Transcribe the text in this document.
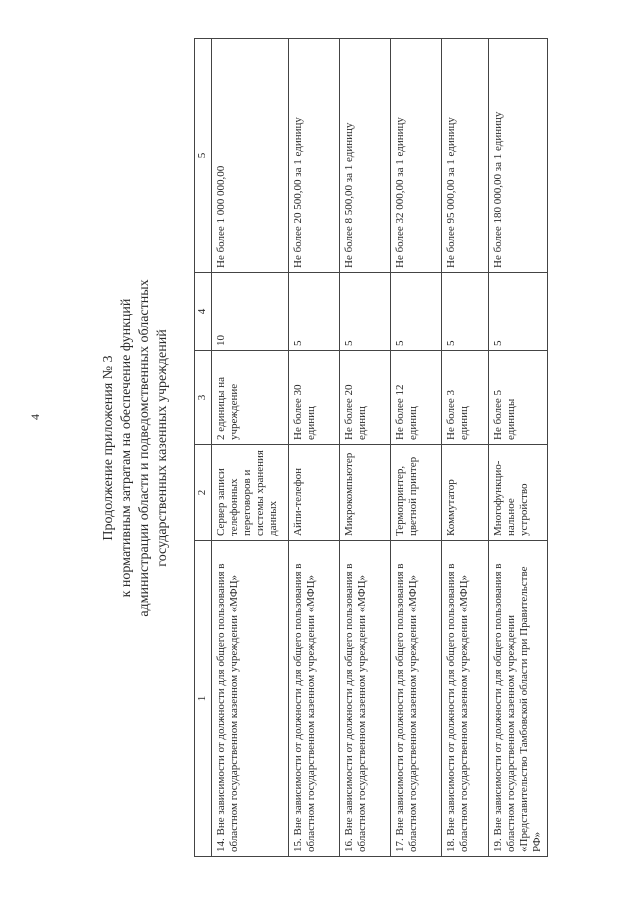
4	Продолжение приложения № 3 к нормативным затратам на обеспечение функций администрации области и подведомственных областных государственных казенных учреждений
1	2	3	4	5
14. Вне зависимости от должности для общего пользования в областном государственном казенном учреждении «МФЦ»	Сервер записи телефонных переговоров и системы хранения данных	2 единицы на учреждение	10	Не более 1 000 000,00
15. Вне зависимости от должности для общего пользования в областном государственном казенном учреждении «МФЦ»	Айпи-телефон	Не более 30 единиц	5	Не более 20 500,00 за 1 единицу
16. Вне зависимости от должности для общего пользования в областном государственном казенном учреждении «МФЦ»	Микрокомпьютер	Не более 20 единиц	5	Не более 8 500,00 за 1 единицу
17. Вне зависимости от должности для общего пользования в областном государственном казенном учреждении «МФЦ»	Термопринтер, цветной принтер	Не более 12 единиц	5	Не более 32 000,00 за 1 единицу
18. Вне зависимости от должности для общего пользования в областном государственном казенном учреждении «МФЦ»	Коммутатор	Не более 3 единиц	5	Не более 95 000,00 за 1 единицу
19. Вне зависимости от должности для общего пользования в областном государственном казенном учреждении «Представительство Тамбовской области при Правительстве РФ»	Многофункцио-нальное устройство	Не более 5 единицы	5	Не более 180 000,00 за 1 единицу
